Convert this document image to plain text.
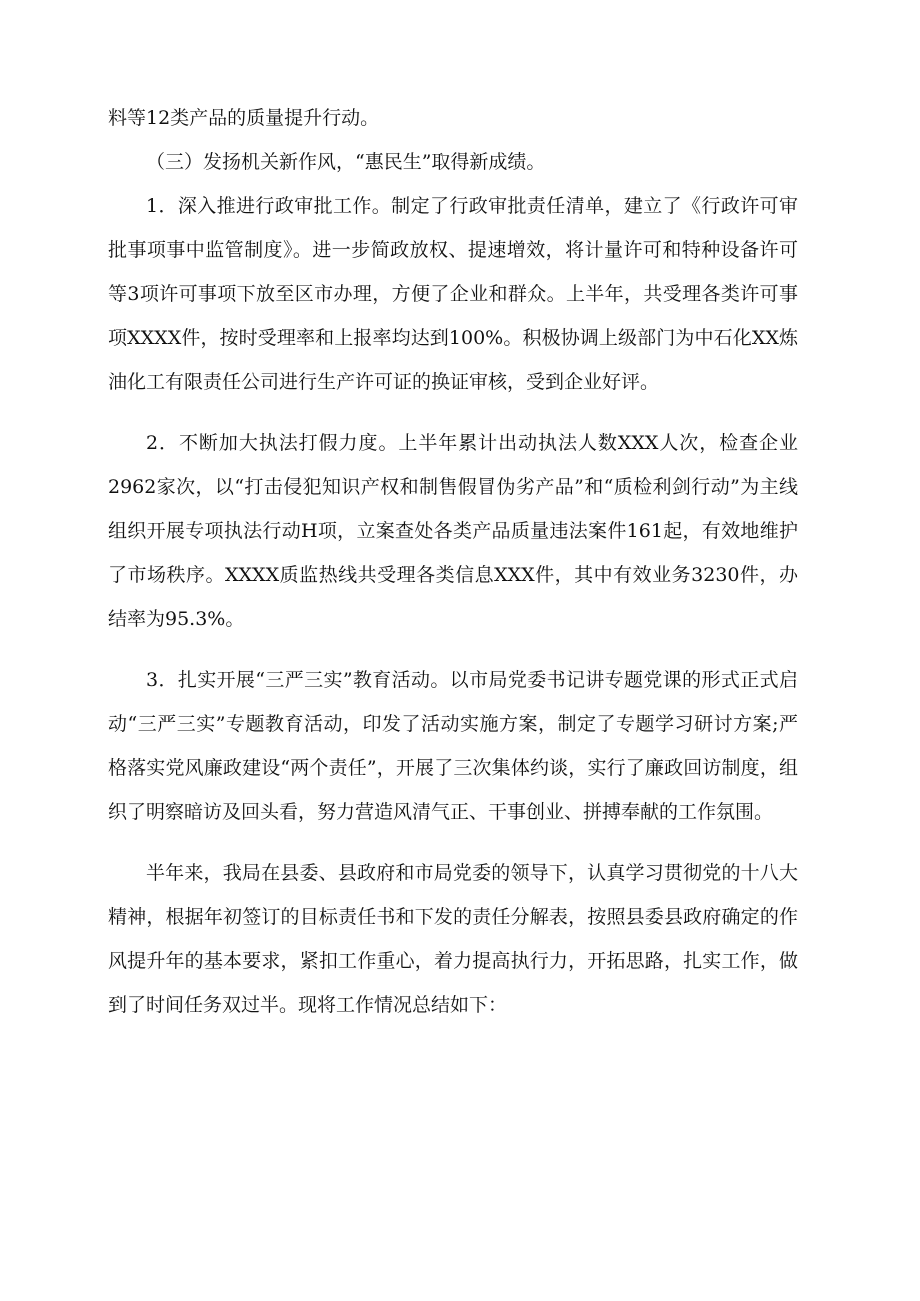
料等12类产品的质量提升行动。

（三）发扬机关新作风，“惠民生”取得新成绩。

1．深入推进行政审批工作。制定了行政审批责任清单，建立了《行政许可审批事项事中监管制度》。进一步简政放权、提速增效，将计量许可和特种设备许可等3项许可事项下放至区市办理，方便了企业和群众。上半年，共受理各类许可事项XXXX件，按时受理率和上报率均达到100%。积极协调上级部门为中石化XX炼油化工有限责任公司进行生产许可证的换证审核，受到企业好评。

2．不断加大执法打假力度。上半年累计出动执法人数XXX人次，检查企业2962家次，以“打击侵犯知识产权和制售假冒伪劣产品”和“质检利剑行动”为主线组织开展专项执法行动H项，立案查处各类产品质量违法案件161起，有效地维护了市场秩序。XXXX质监热线共受理各类信息XXX件，其中有效业务3230件，办结率为95.3%。

3．扎实开展“三严三实”教育活动。以市局党委书记讲专题党课的形式正式启动“三严三实”专题教育活动，印发了活动实施方案，制定了专题学习研讨方案;严格落实党风廉政建设“两个责任”，开展了三次集体约谈，实行了廉政回访制度，组织了明察暗访及回头看，努力营造风清气正、干事创业、拼搏奉献的工作氛围。

半年来，我局在县委、县政府和市局党委的领导下，认真学习贯彻党的十八大精神，根据年初签订的目标责任书和下发的责任分解表，按照县委县政府确定的作风提升年的基本要求，紧扣工作重心，着力提高执行力，开拓思路，扎实工作，做到了时间任务双过半。现将工作情况总结如下：
